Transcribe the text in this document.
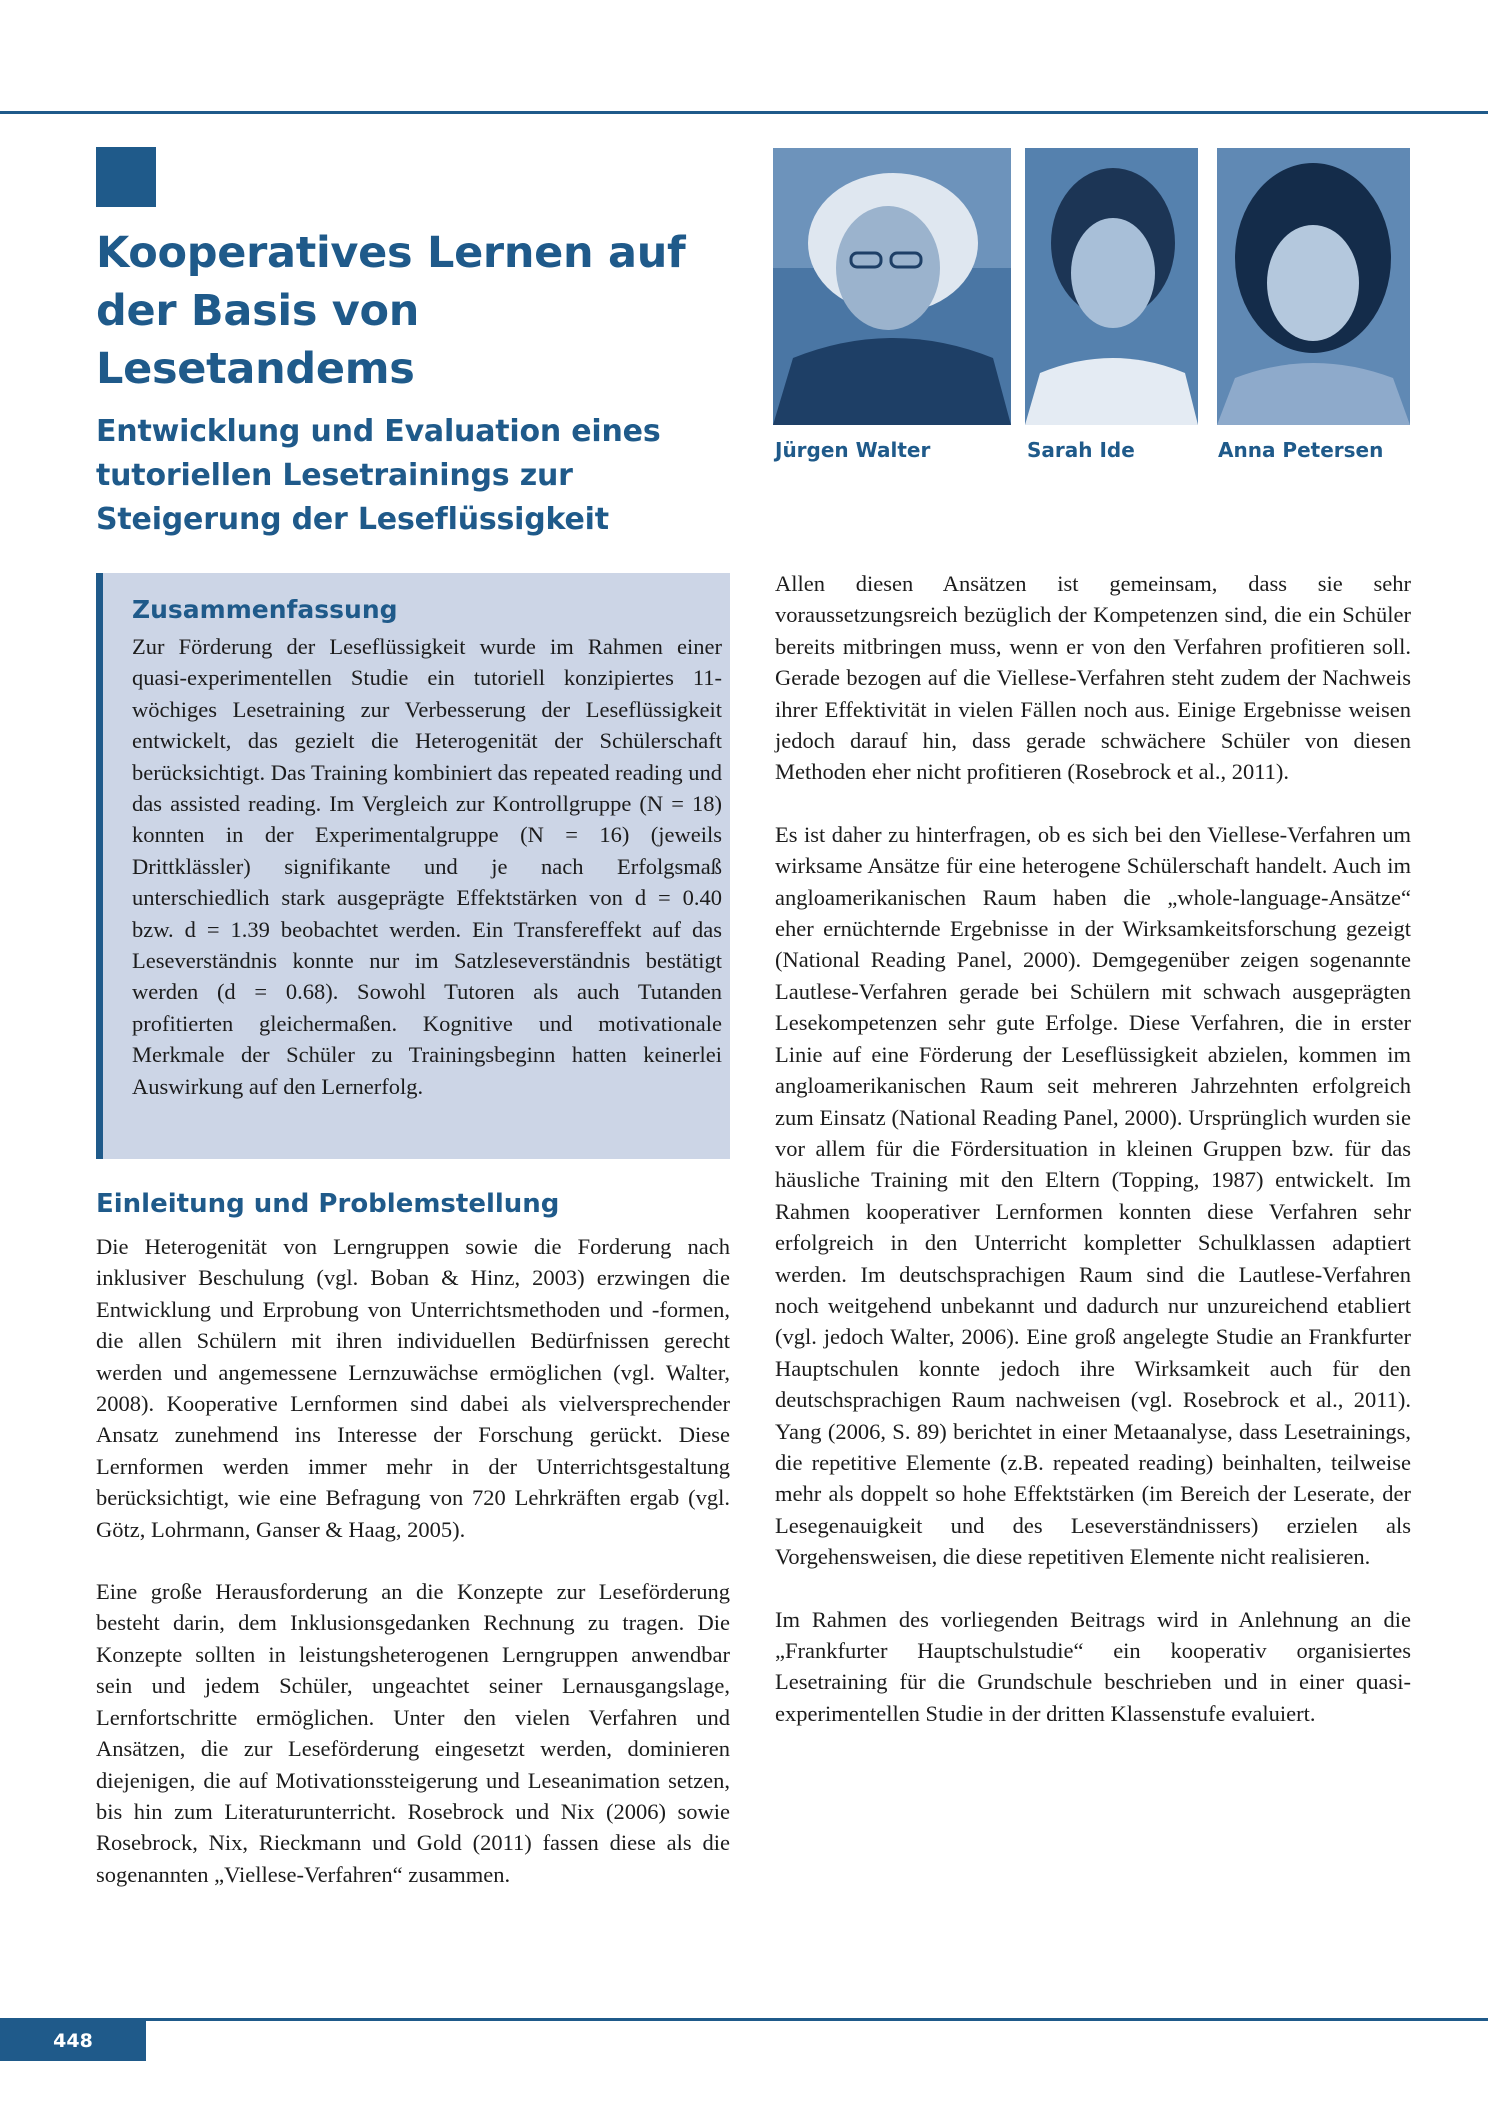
Kooperatives Lernen auf der Basis von Lesetandems
Entwicklung und Evaluation eines tutoriellen Lesetrainings zur Steigerung der Leseflüssigkeit
Jürgen Walter	Sarah Ide	Anna Petersen
Zusammenfassung

Zur Förderung der Leseflüssigkeit wurde im Rahmen einer quasi-experimentellen Studie ein tutoriell konzipiertes 11-wöchiges Lesetraining zur Verbesserung der Leseflüssigkeit entwickelt, das gezielt die Heterogenität der Schülerschaft berücksichtigt. Das Training kombiniert das repeated reading und das assisted reading. Im Vergleich zur Kontrollgruppe (N = 18) konnten in der Experimentalgruppe (N = 16) (jeweils Drittklässler) signifikante und je nach Erfolgsmaß unterschiedlich stark ausgeprägte Effektstärken von d = 0.40 bzw. d = 1.39 beobachtet werden. Ein Transfereffekt auf das Leseverständnis konnte nur im Satzleseverständnis bestätigt werden (d = 0.68). Sowohl Tutoren als auch Tutanden profitierten gleichermaßen. Kognitive und motivationale Merkmale der Schüler zu Trainingsbeginn hatten keinerlei Auswirkung auf den Lernerfolg.

Einleitung und Problemstellung

Die Heterogenität von Lerngruppen sowie die Forderung nach inklusiver Beschulung (vgl. Boban & Hinz, 2003) erzwingen die Entwicklung und Erprobung von Unterrichtsmethoden und -formen, die allen Schülern mit ihren individuellen Bedürfnissen gerecht werden und angemessene Lernzuwächse ermöglichen (vgl. Walter, 2008). Kooperative Lernformen sind dabei als vielversprechender Ansatz zunehmend ins Interesse der Forschung gerückt. Diese Lernformen werden immer mehr in der Unterrichtsgestaltung berücksichtigt, wie eine Befragung von 720 Lehrkräften ergab (vgl. Götz, Lohrmann, Ganser & Haag, 2005).

Eine große Herausforderung an die Konzepte zur Leseförderung besteht darin, dem Inklusionsgedanken Rechnung zu tragen. Die Konzepte sollten in leistungsheterogenen Lerngruppen anwendbar sein und jedem Schüler, ungeachtet seiner Lernausgangslage, Lernfortschritte ermöglichen. Unter den vielen Verfahren und Ansätzen, die zur Leseförderung eingesetzt werden, dominieren diejenigen, die auf Motivationssteigerung und Leseanimation setzen, bis hin zum Literaturunterricht. Rosebrock und Nix (2006) sowie Rosebrock, Nix, Rieckmann und Gold (2011) fassen diese als die sogenannten „Viellese-Verfahren“ zusammen.

Allen diesen Ansätzen ist gemeinsam, dass sie sehr voraussetzungsreich bezüglich der Kompetenzen sind, die ein Schüler bereits mitbringen muss, wenn er von den Verfahren profitieren soll. Gerade bezogen auf die Viellese-Verfahren steht zudem der Nachweis ihrer Effektivität in vielen Fällen noch aus. Einige Ergebnisse weisen jedoch darauf hin, dass gerade schwächere Schüler von diesen Methoden eher nicht profitieren (Rosebrock et al., 2011).

Es ist daher zu hinterfragen, ob es sich bei den Viellese-Verfahren um wirksame Ansätze für eine heterogene Schülerschaft handelt. Auch im angloamerikanischen Raum haben die „whole-language-Ansätze“ eher ernüchternde Ergebnisse in der Wirksamkeitsforschung gezeigt (National Reading Panel, 2000). Demgegenüber zeigen sogenannte Lautlese-Verfahren gerade bei Schülern mit schwach ausgeprägten Lesekompetenzen sehr gute Erfolge. Diese Verfahren, die in erster Linie auf eine Förderung der Leseflüssigkeit abzielen, kommen im angloamerikanischen Raum seit mehreren Jahrzehnten erfolgreich zum Einsatz (National Reading Panel, 2000). Ursprünglich wurden sie vor allem für die Fördersituation in kleinen Gruppen bzw. für das häusliche Training mit den Eltern (Topping, 1987) entwickelt. Im Rahmen kooperativer Lernformen konnten diese Verfahren sehr erfolgreich in den Unterricht kompletter Schulklassen adaptiert werden. Im deutschsprachigen Raum sind die Lautlese-Verfahren noch weitgehend unbekannt und dadurch nur unzureichend etabliert (vgl. jedoch Walter, 2006). Eine groß angelegte Studie an Frankfurter Hauptschulen konnte jedoch ihre Wirksamkeit auch für den deutschsprachigen Raum nachweisen (vgl. Rosebrock et al., 2011). Yang (2006, S. 89) berichtet in einer Metaanalyse, dass Lesetrainings, die repetitive Elemente (z.B. repeated reading) beinhalten, teilweise mehr als doppelt so hohe Effektstärken (im Bereich der Leserate, der Lesegenauigkeit und des Leseverständnissers) erzielen als Vorgehensweisen, die diese repetitiven Elemente nicht realisieren.

Im Rahmen des vorliegenden Beitrags wird in Anlehnung an die „Frankfurter Hauptschulstudie“ ein kooperativ organisiertes Lesetraining für die Grundschule beschrieben und in einer quasi-experimentellen Studie in der dritten Klassenstufe evaluiert.

448
